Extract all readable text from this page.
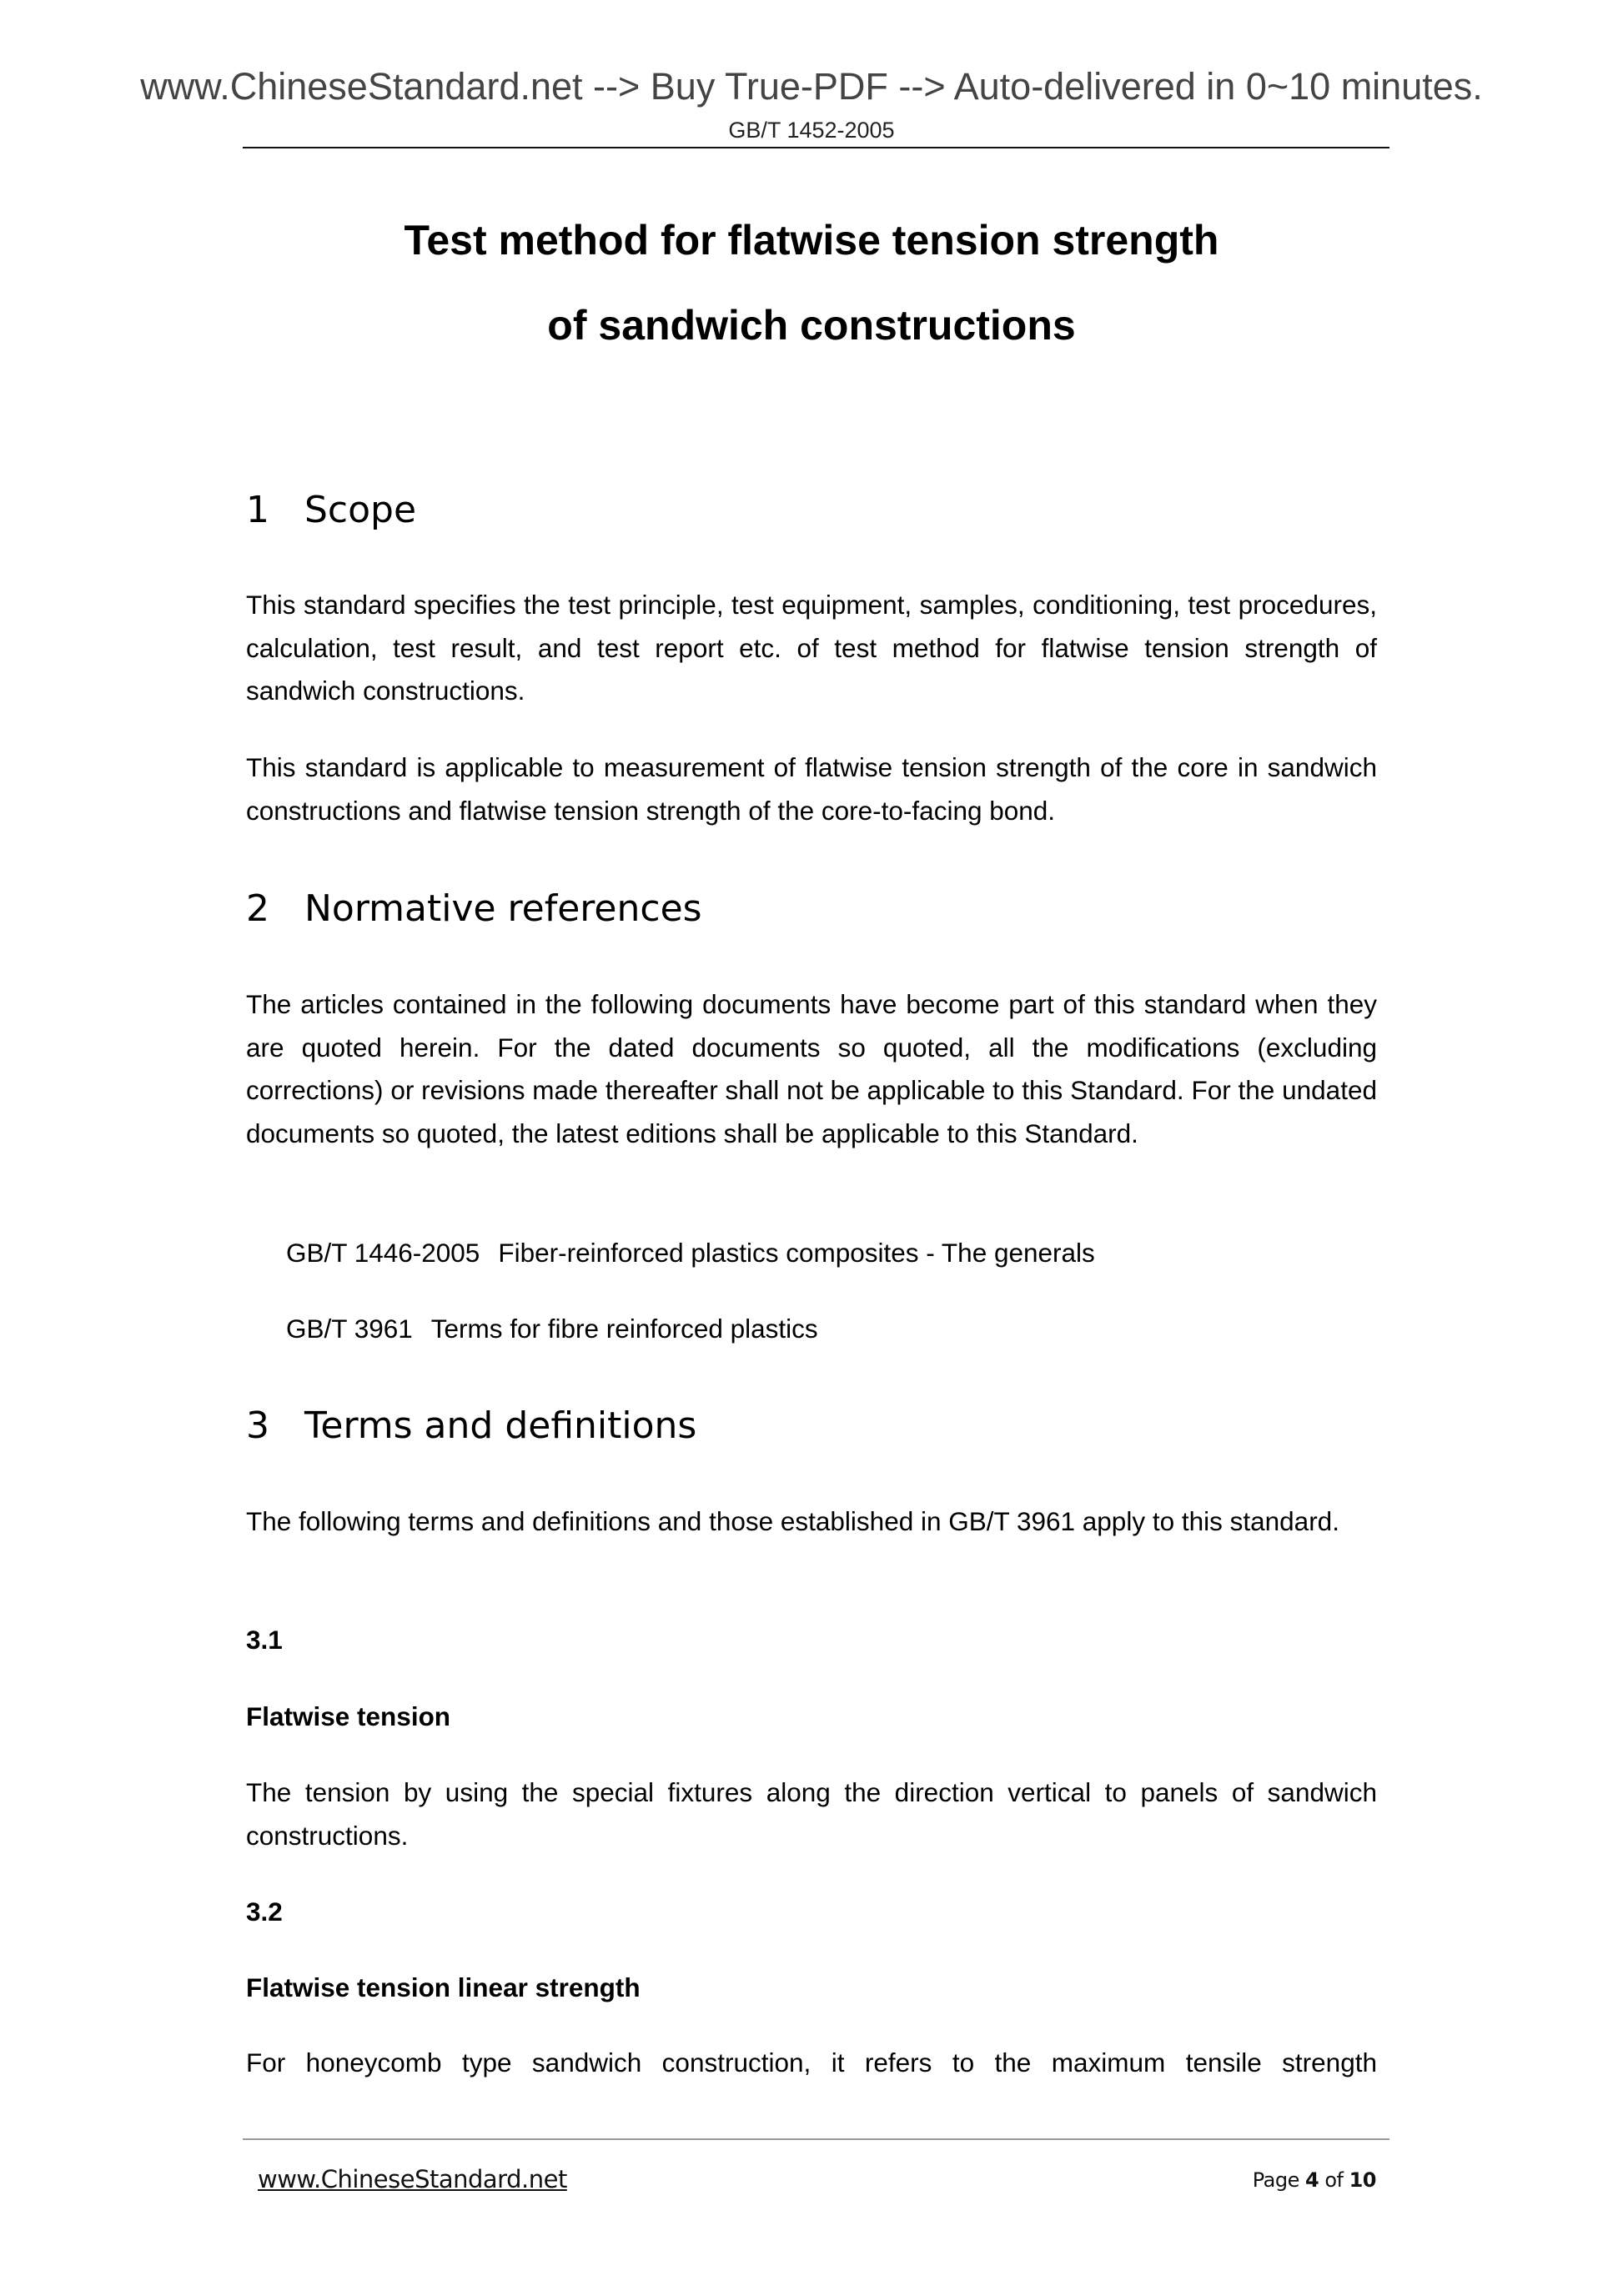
www.ChineseStandard.net --> Buy True-PDF --> Auto-delivered in 0~10 minutes.
GB/T 1452-2005
Test method for flatwise tension strength
of sandwich constructions
1 Scope
This standard specifies the test principle, test equipment, samples, conditioning, test procedures, calculation, test result, and test report etc. of test method for flatwise tension strength of sandwich constructions.
This standard is applicable to measurement of flatwise tension strength of the core in sandwich constructions and flatwise tension strength of the core-to-facing bond.
2 Normative references
The articles contained in the following documents have become part of this standard when they are quoted herein. For the dated documents so quoted, all the modifications (excluding corrections) or revisions made thereafter shall not be applicable to this Standard. For the undated documents so quoted, the latest editions shall be applicable to this Standard.
GB/T 1446-2005 Fiber-reinforced plastics composites - The generals
GB/T 3961 Terms for fibre reinforced plastics
3 Terms and definitions
The following terms and definitions and those established in GB/T 3961 apply to this standard.
3.1
Flatwise tension
The tension by using the special fixtures along the direction vertical to panels of sandwich constructions.
3.2
Flatwise tension linear strength
For honeycomb type sandwich construction, it refers to the maximum tensile strength
www.ChineseStandard.net	Page 4 of 10
